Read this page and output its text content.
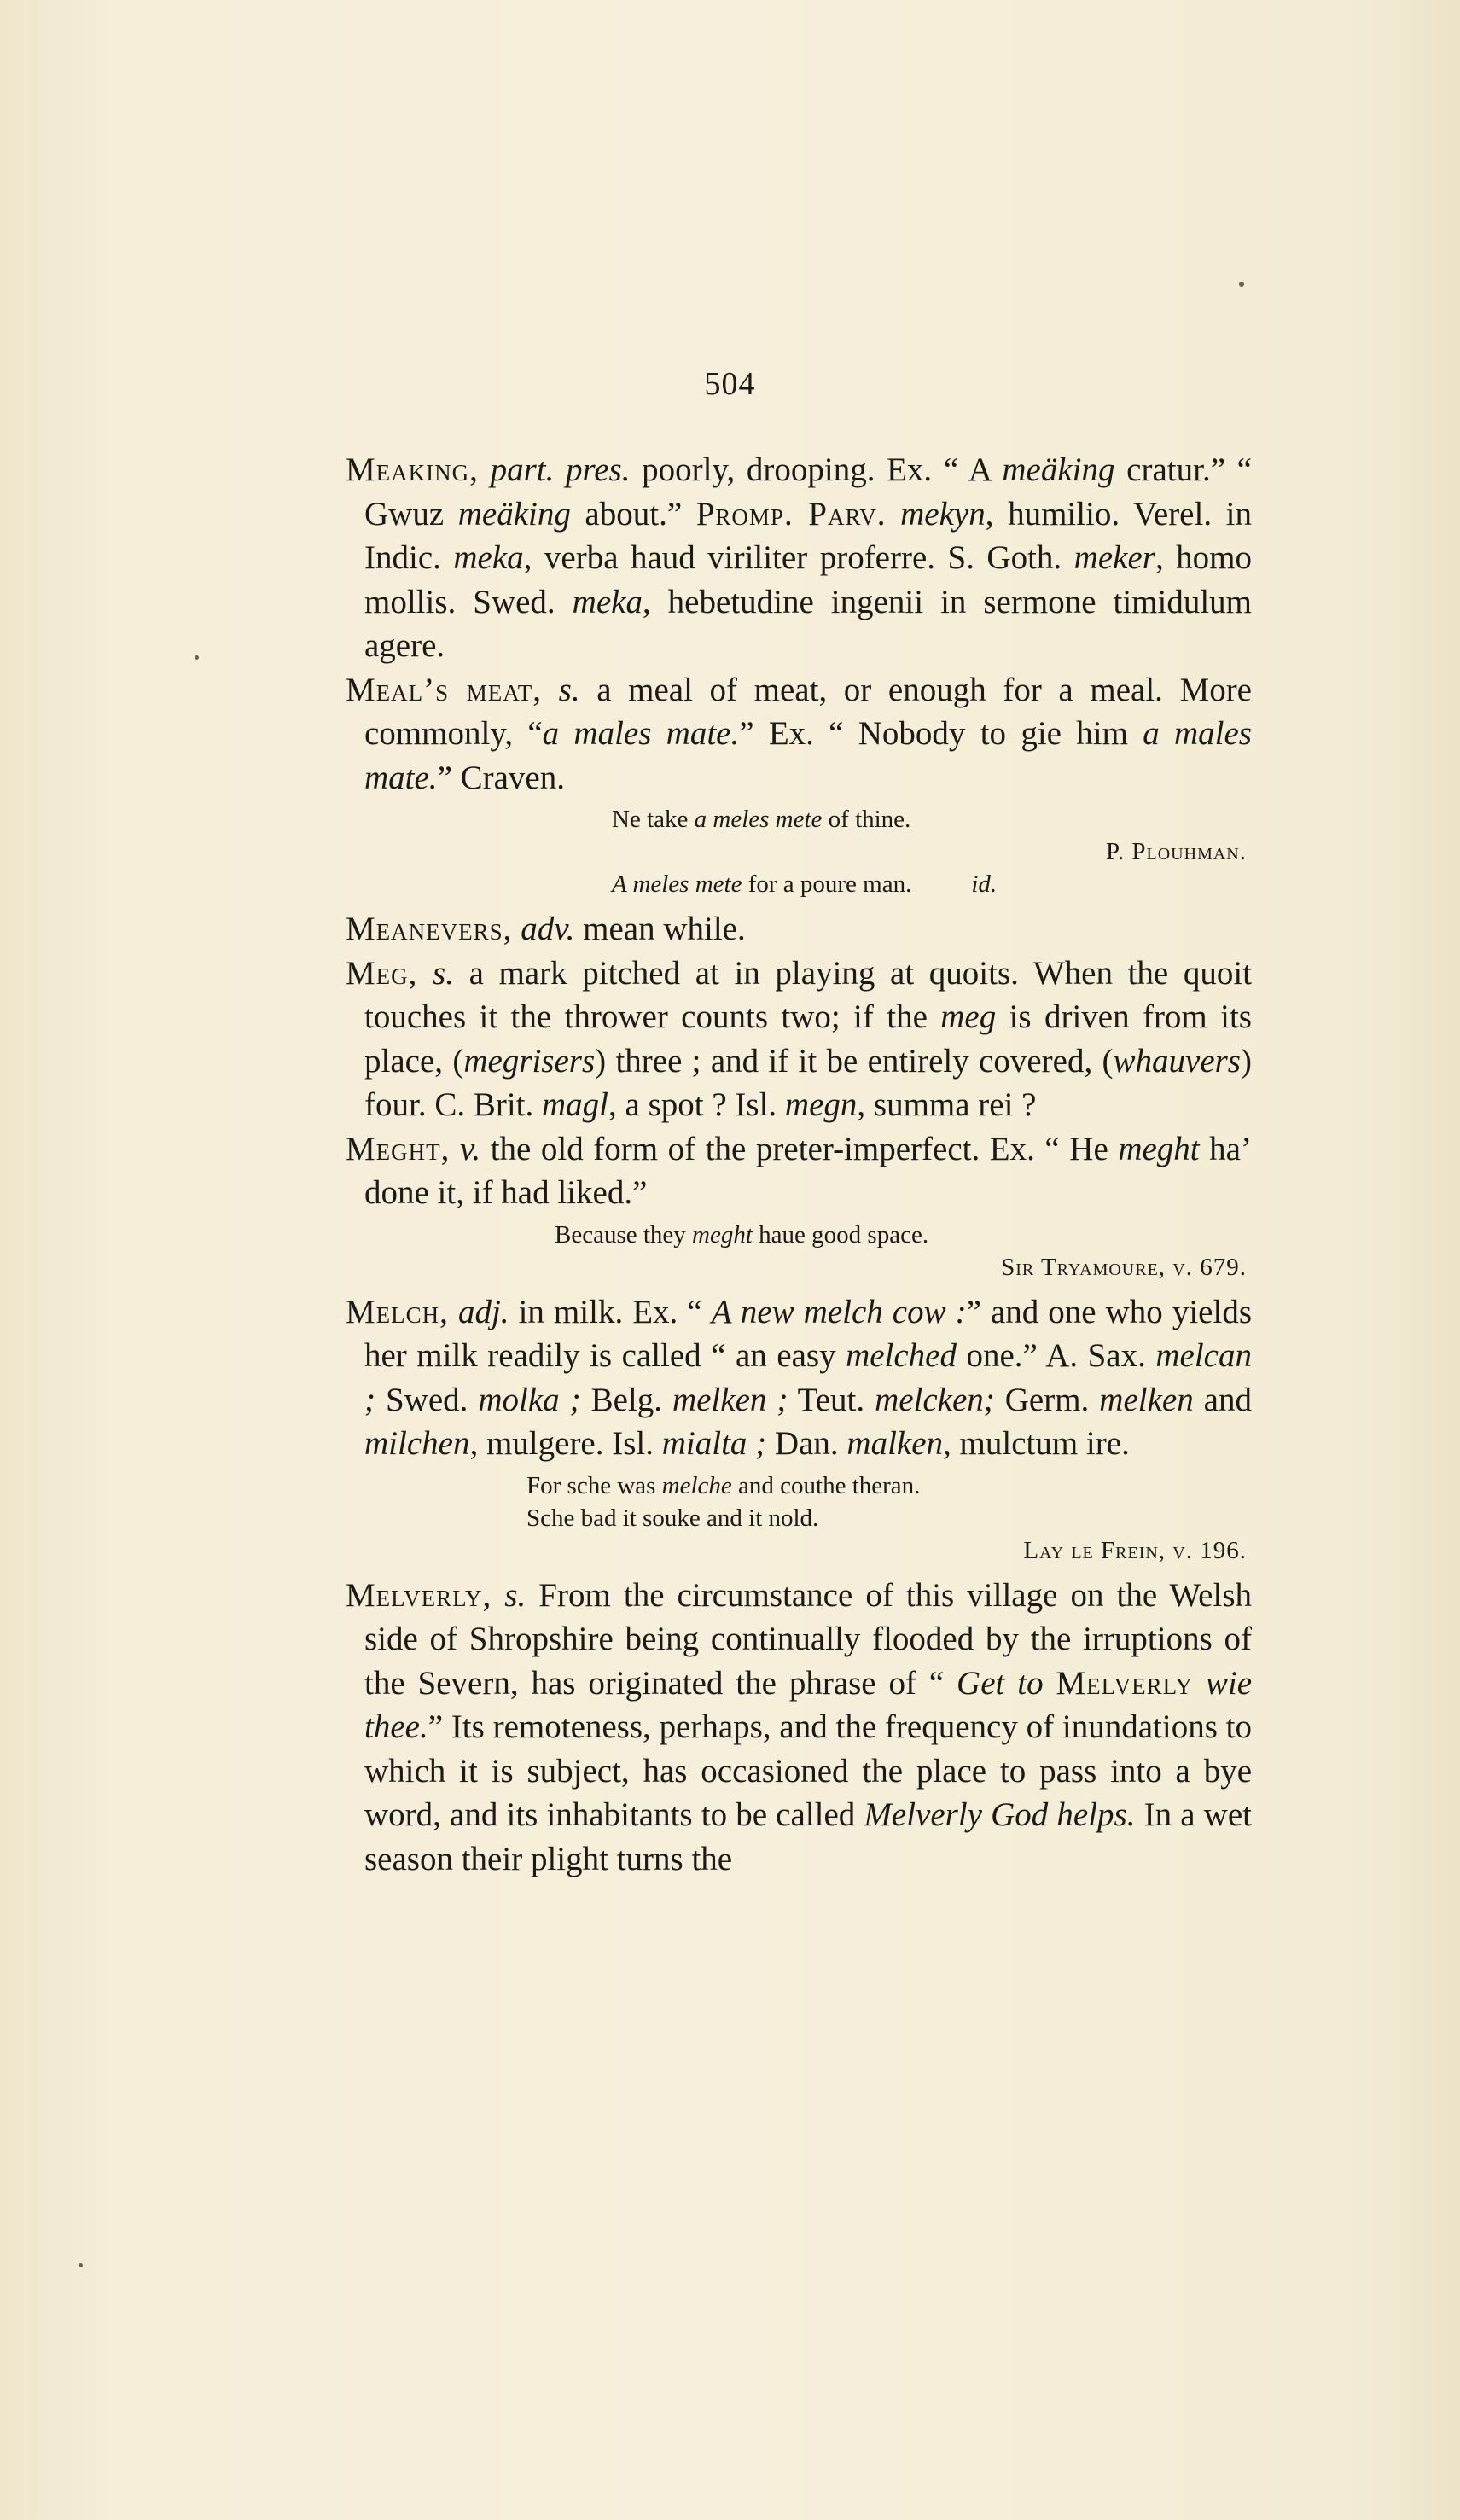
504

Meaking, part. pres. poorly, drooping. Ex. “ A meäking cratur.” “ Gwuz meäking about.” Promp. Parv. mekyn, humilio. Verel. in Indic. meka, verba haud viriliter proferre. S. Goth. meker, homo mollis. Swed. meka, hebetudine ingenii in sermone timidulum agere.

Meal’s meat, s. a meal of meat, or enough for a meal. More commonly, “a males mate.” Ex. “ Nobody to gie him a males mate.” Craven.

Ne take a meles mete of thine.
P. Plouhman.
A meles mete for a poure man. id.

Meanevers, adv. mean while.

Meg, s. a mark pitched at in playing at quoits. When the quoit touches it the thrower counts two; if the meg is driven from its place, (megrisers) three ; and if it be entirely covered, (whauvers) four. C. Brit. magl, a spot ? Isl. megn, summa rei ?

Meght, v. the old form of the preter-imperfect. Ex. “ He meght ha’ done it, if had liked.”

Because they meght haue good space.
Sir Tryamoure, v. 679.

Melch, adj. in milk. Ex. “ A new melch cow :” and one who yields her milk readily is called “ an easy melched one.” A. Sax. melcan ; Swed. molka ; Belg. melken ; Teut. melcken; Germ. melken and milchen, mulgere. Isl. mialta ; Dan. malken, mulctum ire.

For sche was melche and couthe theran.
Sche bad it souke and it nold.
Lay le Frein, v. 196.

Melverly, s. From the circumstance of this village on the Welsh side of Shropshire being continually flooded by the irruptions of the Severn, has originated the phrase of “ Get to Melverly wie thee.” Its remoteness, perhaps, and the frequency of inundations to which it is subject, has occasioned the place to pass into a bye word, and its inhabitants to be called Melverly God helps. In a wet season their plight turns the
